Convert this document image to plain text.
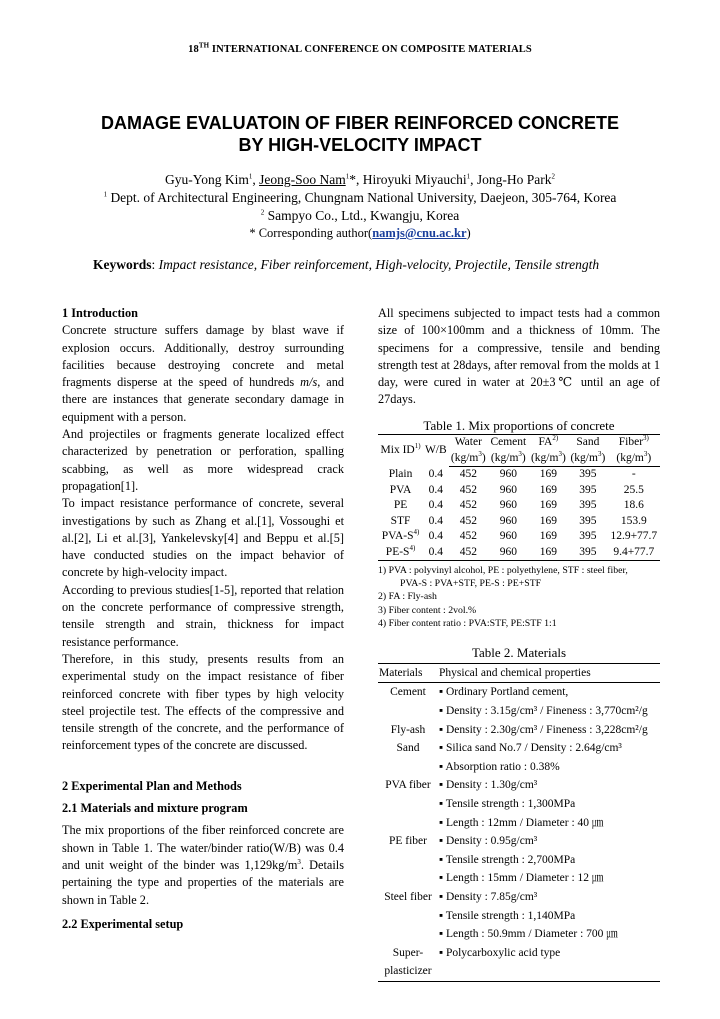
18TH INTERNATIONAL CONFERENCE ON COMPOSITE MATERIALS
DAMAGE EVALUATOIN OF FIBER REINFORCED CONCRETE
BY HIGH-VELOCITY IMPACT
Gyu-Yong Kim$^1$, Jeong-Soo Nam$^1$*, Hiroyuki Miyauchi$^1$, Jong-Ho Park$^2$
$^1$ Dept. of Architectural Engineering, Chungnam National University, Daejeon, 305-764, Korea
$^2$ Sampyo Co., Ltd., Kwangju, Korea
* Corresponding author(namjs@cnu.ac.kr)
Keywords: Impact resistance, Fiber reinforcement, High-velocity, Projectile, Tensile strength

1 Introduction

Concrete structure suffers damage by blast wave if explosion occurs. Additionally, destroy surrounding facilities because destroying concrete and metal fragments disperse at the speed of hundreds m/s, and there are instances that generate secondary damage in equipment with a person.

And projectiles or fragments generate localized effect characterized by penetration or perforation, spalling scabbing, as well as more widespread crack propagation[1].

To impact resistance performance of concrete, several investigations by such as Zhang et al.[1], Vossoughi et al.[2], Li et al.[3], Yankelevsky[4] and Beppu et al.[5] have conducted studies on the impact behavior of concrete by high-velocity impact.

According to previous studies[1-5], reported that relation on the concrete performance of compressive strength, tensile strength and strain, thickness for impact resistance performance.

Therefore, in this study, presents results from an experimental study on the impact resistance of fiber reinforced concrete with fiber types by high velocity steel projectile test. The effects of the compressive and tensile strength of the concrete, and the performance of reinforcement types of the concrete are discussed.

2 Experimental Plan and Methods

2.1 Materials and mixture program

The mix proportions of the fiber reinforced concrete are shown in Table 1. The water/binder ratio(W/B) was 0.4 and unit weight of the binder was $1,129kg/m^3$. Details pertaining the type and properties of the materials are shown in Table 2.

2.2 Experimental setup

All specimens subjected to impact tests had a common size of 100×100mm and a thickness of 10mm. The specimens for a compressive, tensile and bending strength test at 28days, after removal from the molds at 1 day, were cured in water at 20±3℃ until an age of 27days.

Table 1. Mix proportions of concrete
Mix ID$^{1)}$	W/B	Water	Cement	FA$^{2)}$	Sand	Fiber$^{3)}$
		$(kg/m^3)$	$(kg/m^3)$	$(kg/m^3)$	$(kg/m^3)$	$(kg/m^3)$
Plain	0.4	452	960	169	395	-
PVA	0.4	452	960	169	395	25.5
PE	0.4	452	960	169	395	18.6
STF	0.4	452	960	169	395	153.9
PVA-$S^{4)}$	0.4	452	960	169	395	12.9+77.7
$PE-S^{4)}$	0.4	452	960	169	395	9.4+77.7
1) PVA : polyvinyl alcohol, PE : polyethylene, STF : steel fiber,
PVA-S : PVA+STF, PE-S : PE+STF
2) FA : Fly-ash
3) Fiber content : 2vol.%
4) Fiber content ratio : PVA:STF, PE:STF 1:1
Table 2. Materials
Materials	Physical and chemical properties
Cement	▪ Ordinary Portland cement,
	▪ Density : 3.15g/cm³ / Fineness : 3,770cm²/g
Fly-ash	▪ Density : 2.30g/cm³ / Fineness : 3,228cm²/g
Sand	▪ Silica sand No.7 / Density : 2.64g/cm³
	▪ Absorption ratio : 0.38%
PVA fiber	▪ Density : 1.30g/cm³
	▪ Tensile strength : 1,300MPa
	▪ Length : 12mm / Diameter : 40 ㎛
PE fiber	▪ Density : 0.95g/cm³
	▪ Tensile strength : 2,700MPa
	▪ Length : 15mm / Diameter : 12 ㎛
Steel fiber	▪ Density : 7.85g/cm³
	▪ Tensile strength : 1,140MPa
	▪ Length : 50.9mm / Diameter : 700 ㎛
Super-	▪ Polycarboxylic acid type
plasticizer	
